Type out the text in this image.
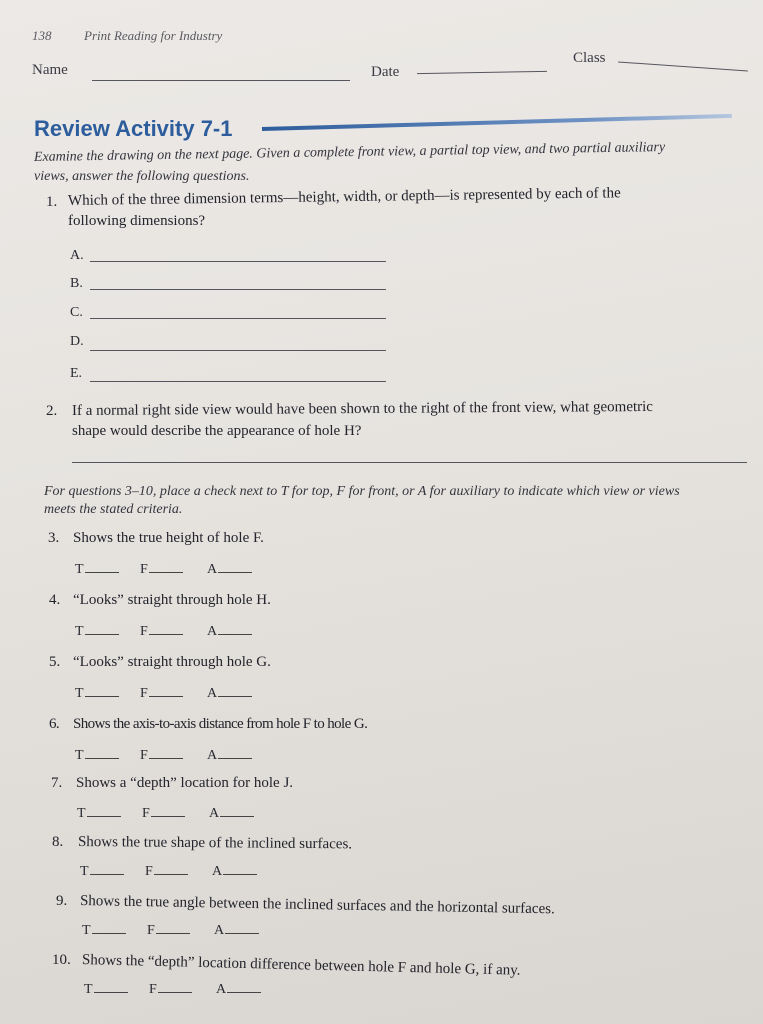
138	Print Reading for Industry
Name	Date
Class
Review Activity 7-1
Examine the drawing on the next page. Given a complete front view, a partial top view, and two partial auxiliary
views, answer the following questions.
1. Which of the three dimension terms—height, width, or depth—is represented by each of the
following dimensions?
A.
B.
C.
D.
E.
2. If a normal right side view would have been shown to the right of the front view, what geometric
shape would describe the appearance of hole H?
For questions 3–10, place a check next to T for top, F for front, or A for auxiliary to indicate which view or views
meets the stated criteria.
3. Shows the true height of hole F.
T	F	A
4. “Looks” straight through hole H.
T	F	A
5. “Looks” straight through hole G.
T	F	A
6. Shows the axis-to-axis distance from hole F to hole G.
T	F	A
7. Shows a “depth” location for hole J.
T	F	A
8. Shows the true shape of the inclined surfaces.
T	F	A
9. Shows the true angle between the inclined surfaces and the horizontal surfaces.
T	F	A
10. Shows the “depth” location difference between hole F and hole G, if any.
T	F	A
